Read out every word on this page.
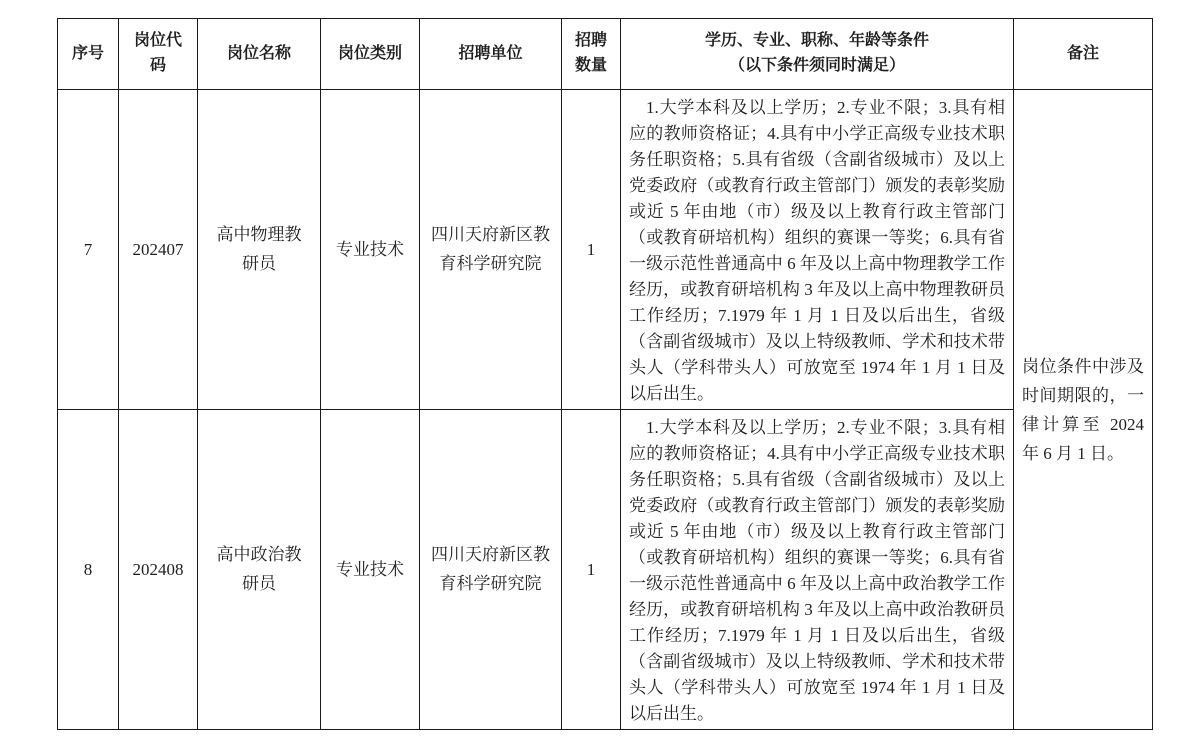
序号	岗位代码	岗位名称	岗位类别	招聘单位	招聘数量	学历、专业、职称、年龄等条件
（以下条件须同时满足）	备注
7	202407	高中物理教研员	专业技术	四川天府新区教育科学研究院	1	1.大学本科及以上学历；2.专业不限；3.具有相应的教师资格证；4.具有中小学正高级专业技术职务任职资格；5.具有省级（含副省级城市）及以上党委政府（或教育行政主管部门）颁发的表彰奖励或近 5 年由地（市）级及以上教育行政主管部门（或教育研培机构）组织的赛课一等奖；6.具有省一级示范性普通高中 6 年及以上高中物理教学工作经历，或教育研培机构 3 年及以上高中物理教研员工作经历；7.1979 年 1 月 1 日及以后出生，省级（含副省级城市）及以上特级教师、学术和技术带头人（学科带头人）可放宽至 1974 年 1 月 1 日及以后出生。	岗位条件中涉及时间期限的，一律计算至 2024 年 6 月 1 日。
8	202408	高中政治教研员	专业技术	四川天府新区教育科学研究院	1	1.大学本科及以上学历；2.专业不限；3.具有相应的教师资格证；4.具有中小学正高级专业技术职务任职资格；5.具有省级（含副省级城市）及以上党委政府（或教育行政主管部门）颁发的表彰奖励或近 5 年由地（市）级及以上教育行政主管部门（或教育研培机构）组织的赛课一等奖；6.具有省一级示范性普通高中 6 年及以上高中政治教学工作经历，或教育研培机构 3 年及以上高中政治教研员工作经历；7.1979 年 1 月 1 日及以后出生，省级（含副省级城市）及以上特级教师、学术和技术带头人（学科带头人）可放宽至 1974 年 1 月 1 日及以后出生。	
